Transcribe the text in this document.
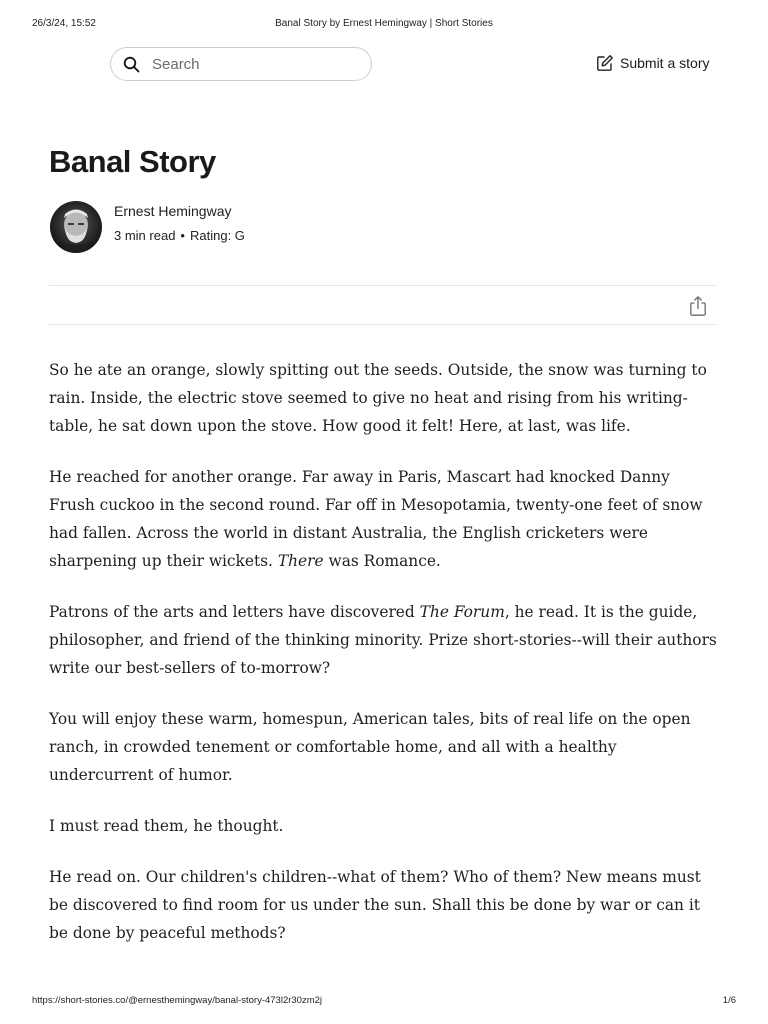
26/3/24, 15:52	Banal Story by Ernest Hemingway | Short Stories
Search
Submit a story
Banal Story
Ernest Hemingway
3 min read • Rating: G

So he ate an orange, slowly spitting out the seeds. Outside, the snow was turning to rain. Inside, the electric stove seemed to give no heat and rising from his writing-table, he sat down upon the stove. How good it felt! Here, at last, was life.

He reached for another orange. Far away in Paris, Mascart had knocked Danny Frush cuckoo in the second round. Far off in Mesopotamia, twenty-one feet of snow had fallen. Across the world in distant Australia, the English cricketers were sharpening up their wickets. There was Romance.

Patrons of the arts and letters have discovered The Forum, he read. It is the guide, philosopher, and friend of the thinking minority. Prize short-stories--will their authors write our best-sellers of to-morrow?

You will enjoy these warm, homespun, American tales, bits of real life on the open ranch, in crowded tenement or comfortable home, and all with a healthy undercurrent of humor.

I must read them, he thought.

He read on. Our children's children--what of them? Who of them? New means must be discovered to find room for us under the sun. Shall this be done by war or can it be done by peaceful methods?

https://short-stories.co/@ernesthemingway/banal-story-473l2r30zm2j	1/6
